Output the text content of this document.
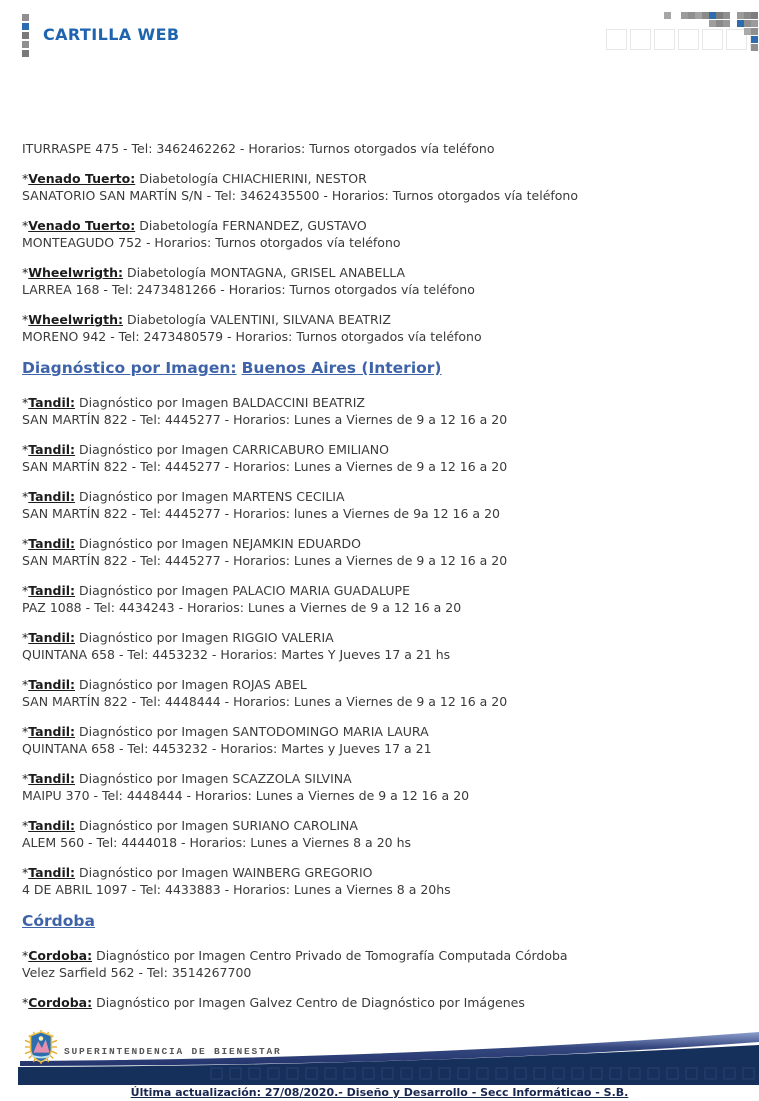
CARTILLA WEB

ITURRASPE 475 - Tel: 3462462262 - Horarios: Turnos otorgados vía teléfono

*Venado Tuerto: Diabetología CHIACHIERINI, NESTOR
SANATORIO SAN MARTÍN S/N - Tel: 3462435500 - Horarios: Turnos otorgados vía teléfono

*Venado Tuerto: Diabetología FERNANDEZ, GUSTAVO
MONTEAGUDO 752 - Horarios: Turnos otorgados vía teléfono

*Wheelwrigth: Diabetología MONTAGNA, GRISEL ANABELLA
LARREA 168 - Tel: 2473481266 - Horarios: Turnos otorgados vía teléfono

*Wheelwrigth: Diabetología VALENTINI, SILVANA BEATRIZ
MORENO 942 - Tel: 2473480579 - Horarios: Turnos otorgados vía teléfono

Diagnóstico por Imagen: Buenos Aires (Interior)

*Tandil: Diagnóstico por Imagen BALDACCINI BEATRIZ
SAN MARTÍN 822 - Tel: 4445277 - Horarios: Lunes a Viernes de 9 a 12 16 a 20

*Tandil: Diagnóstico por Imagen CARRICABURO EMILIANO
SAN MARTÍN 822 - Tel: 4445277 - Horarios: Lunes a Viernes de 9 a 12 16 a 20

*Tandil: Diagnóstico por Imagen MARTENS CECILIA
SAN MARTÍN 822 - Tel: 4445277 - Horarios: lunes a Viernes de 9a 12 16 a 20

*Tandil: Diagnóstico por Imagen NEJAMKIN EDUARDO
SAN MARTÍN 822 - Tel: 4445277 - Horarios: Lunes a Viernes de 9 a 12 16 a 20

*Tandil: Diagnóstico por Imagen PALACIO MARIA GUADALUPE
PAZ 1088 - Tel: 4434243 - Horarios: Lunes a Viernes de 9 a 12 16 a 20

*Tandil: Diagnóstico por Imagen RIGGIO VALERIA
QUINTANA 658 - Tel: 4453232 - Horarios: Martes Y Jueves 17 a 21 hs

*Tandil: Diagnóstico por Imagen ROJAS ABEL
SAN MARTÍN 822 - Tel: 4448444 - Horarios: Lunes a Viernes de 9 a 12 16 a 20

*Tandil: Diagnóstico por Imagen SANTODOMINGO MARIA LAURA
QUINTANA 658 - Tel: 4453232 - Horarios: Martes y Jueves 17 a 21

*Tandil: Diagnóstico por Imagen SCAZZOLA SILVINA
MAIPU 370 - Tel: 4448444 - Horarios: Lunes a Viernes de 9 a 12 16 a 20

*Tandil: Diagnóstico por Imagen SURIANO CAROLINA
ALEM 560 - Tel: 4444018 - Horarios: Lunes a Viernes 8 a 20 hs

*Tandil: Diagnóstico por Imagen WAINBERG GREGORIO
4 DE ABRIL 1097 - Tel: 4433883 - Horarios: Lunes a Viernes 8 a 20hs

Córdoba

*Cordoba: Diagnóstico por Imagen Centro Privado de Tomografía Computada Córdoba
Velez Sarfield 562 - Tel: 3514267700

*Cordoba: Diagnóstico por Imagen Galvez Centro de Diagnóstico por Imágenes

SUPERINTENDENCIA DE BIENESTAR
Última actualización: 27/08/2020.- Diseño y Desarrollo - Secc Informáticao - S.B.
